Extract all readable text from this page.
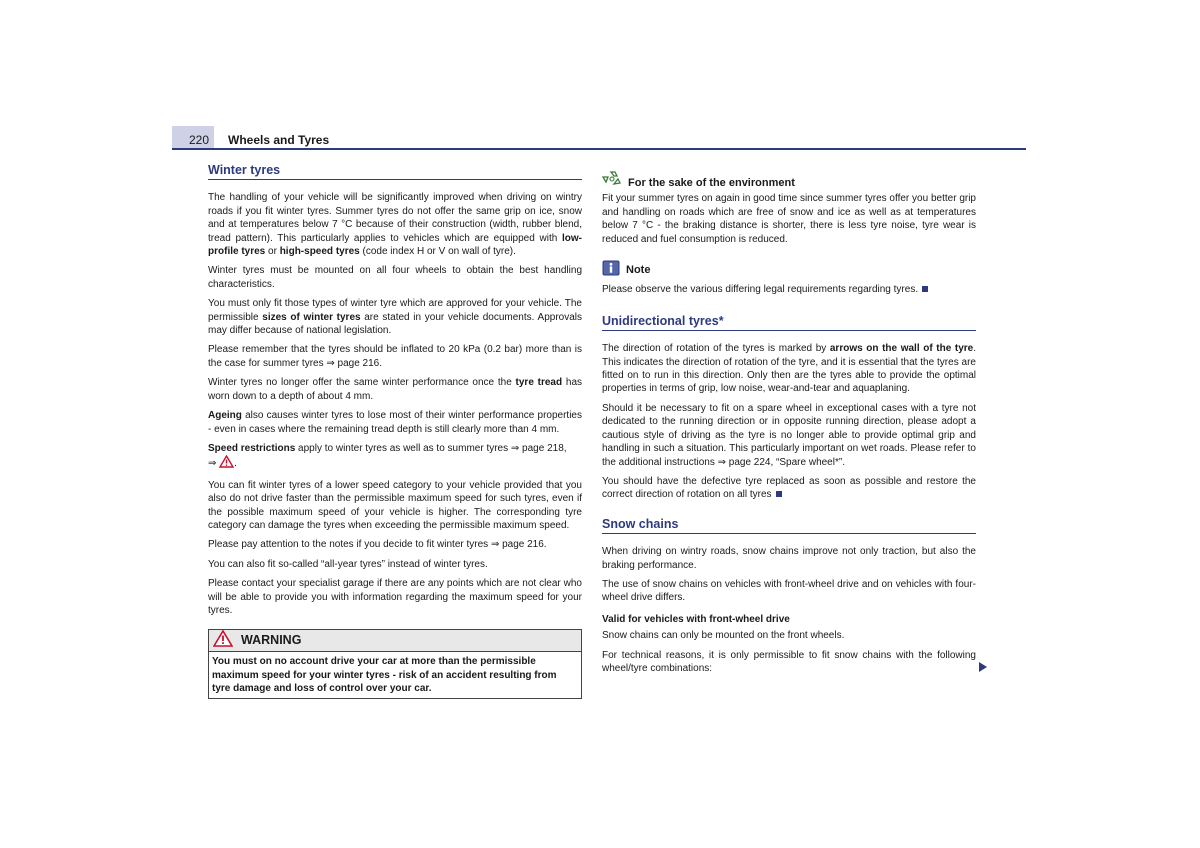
220	Wheels and Tyres
Winter tyres

The handling of your vehicle will be significantly improved when driving on wintry roads if you fit winter tyres. Summer tyres do not offer the same grip on ice, snow and at temperatures below 7 °C because of their construction (width, rubber blend, tread pattern). This particularly applies to vehicles which are equipped with low-profile tyres or high-speed tyres (code index H or V on wall of tyre).

Winter tyres must be mounted on all four wheels to obtain the best handling characteristics.

You must only fit those types of winter tyre which are approved for your vehicle. The permissible sizes of winter tyres are stated in your vehicle documents. Approvals may differ because of national legislation.

Please remember that the tyres should be inflated to 20 kPa (0.2 bar) more than is the case for summer tyres ⇒ page 216.

Winter tyres no longer offer the same winter performance once the tyre tread has worn down to a depth of about 4 mm.

Ageing also causes winter tyres to lose most of their winter performance properties - even in cases where the remaining tread depth is still clearly more than 4 mm.

Speed restrictions apply to winter tyres as well as to summer tyres ⇒ page 218,
⇒ .

You can fit winter tyres of a lower speed category to your vehicle provided that you also do not drive faster than the permissible maximum speed for such tyres, even if the possible maximum speed of your vehicle is higher. The corresponding tyre category can damage the tyres when exceeding the permissible maximum speed.

Please pay attention to the notes if you decide to fit winter tyres ⇒ page 216.

You can also fit so-called “all-year tyres” instead of winter tyres.

Please contact your specialist garage if there are any points which are not clear who will be able to provide you with information regarding the maximum speed for your tyres.

WARNING
You must on no account drive your car at more than the permissible maximum speed for your winter tyres - risk of an accident resulting from tyre damage and loss of control over your car.
For the sake of the environment

Fit your summer tyres on again in good time since summer tyres offer you better grip and handling on roads which are free of snow and ice as well as at temperatures below 7 °C - the braking distance is shorter, there is less tyre noise, tyre wear is reduced and fuel consumption is reduced.

Note

Please observe the various differing legal requirements regarding tyres.

Unidirectional tyres*

The direction of rotation of the tyres is marked by arrows on the wall of the tyre. This indicates the direction of rotation of the tyre, and it is essential that the tyres are fitted on to run in this direction. Only then are the tyres able to provide the optimal properties in terms of grip, low noise, wear-and-tear and aquaplaning.

Should it be necessary to fit on a spare wheel in exceptional cases with a tyre not dedicated to the running direction or in opposite running direction, please adopt a cautious style of driving as the tyre is no longer able to provide optimal grip and handling in such a situation. This particularly important on wet roads. Please refer to the additional instructions ⇒ page 224, “Spare wheel*”.

You should have the defective tyre replaced as soon as possible and restore the correct direction of rotation on all tyres

Snow chains

When driving on wintry roads, snow chains improve not only traction, but also the braking performance.

The use of snow chains on vehicles with front-wheel drive and on vehicles with four-wheel drive differs.

Valid for vehicles with front-wheel drive

Snow chains can only be mounted on the front wheels.

For technical reasons, it is only permissible to fit snow chains with the following wheel/tyre combinations:
